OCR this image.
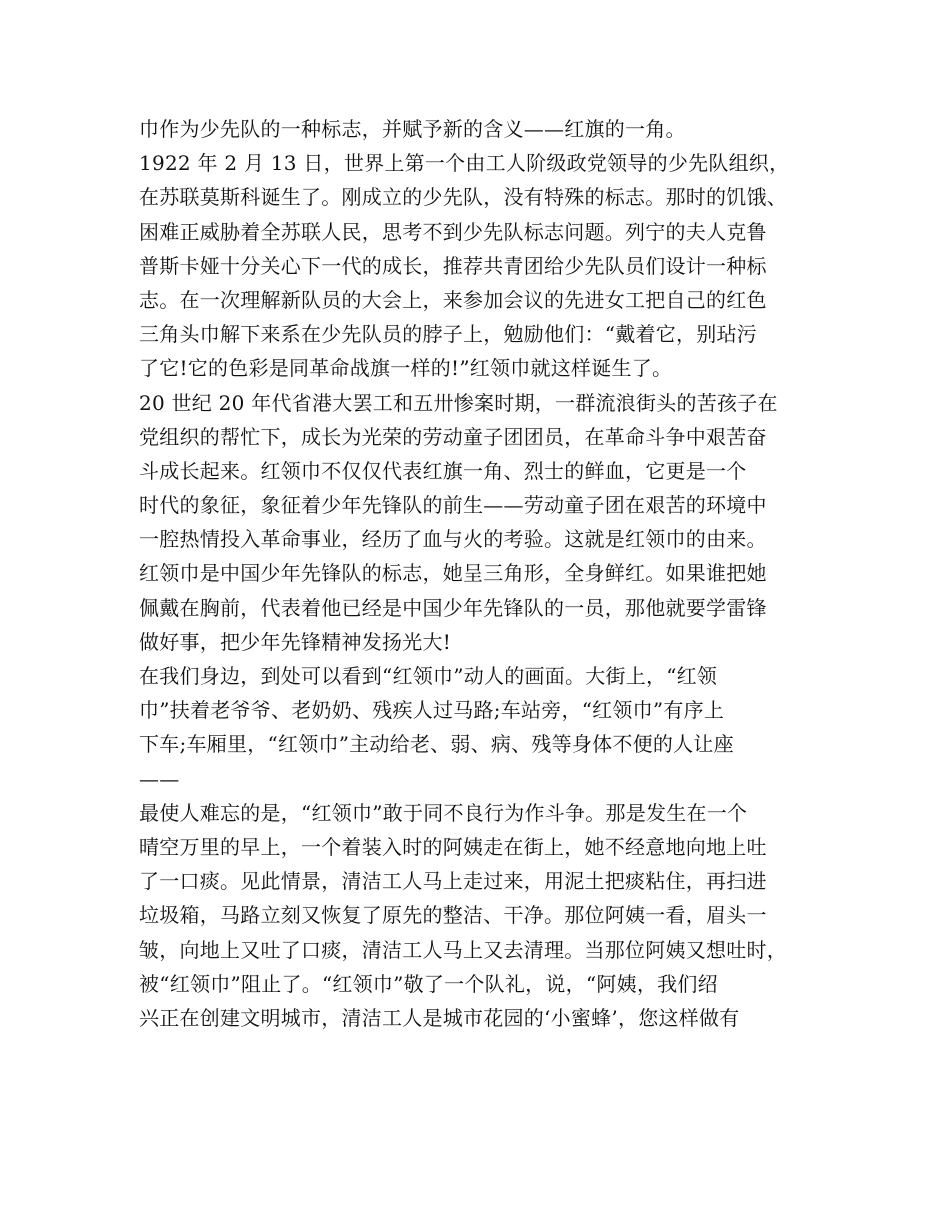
巾作为少先队的一种标志，并赋予新的含义——红旗的一角。
1922 年 2 月 13 日，世界上第一个由工人阶级政党领导的少先队组织，
在苏联莫斯科诞生了。刚成立的少先队，没有特殊的标志。那时的饥饿、
困难正威胁着全苏联人民，思考不到少先队标志问题。列宁的夫人克鲁
普斯卡娅十分关心下一代的成长，推荐共青团给少先队员们设计一种标
志。在一次理解新队员的大会上，来参加会议的先进女工把自己的红色
三角头巾解下来系在少先队员的脖子上，勉励他们：“戴着它，别玷污
了它!它的色彩是同革命战旗一样的!”红领巾就这样诞生了。
20 世纪 20 年代省港大罢工和五卅惨案时期，一群流浪街头的苦孩子在
党组织的帮忙下，成长为光荣的劳动童子团团员，在革命斗争中艰苦奋
斗成长起来。红领巾不仅仅代表红旗一角、烈士的鲜血，它更是一个
时代的象征，象征着少年先锋队的前生——劳动童子团在艰苦的环境中
一腔热情投入革命事业，经历了血与火的考验。这就是红领巾的由来。
红领巾是中国少年先锋队的标志，她呈三角形，全身鲜红。如果谁把她
佩戴在胸前，代表着他已经是中国少年先锋队的一员，那他就要学雷锋
做好事，把少年先锋精神发扬光大!
在我们身边，到处可以看到“红领巾”动人的画面。大街上，“红领
巾”扶着老爷爷、老奶奶、残疾人过马路;车站旁，“红领巾”有序上
下车;车厢里，“红领巾”主动给老、弱、病、残等身体不便的人让座
——
最使人难忘的是，“红领巾”敢于同不良行为作斗争。那是发生在一个
晴空万里的早上，一个着装入时的阿姨走在街上，她不经意地向地上吐
了一口痰。见此情景，清洁工人马上走过来，用泥土把痰粘住，再扫进
垃圾箱，马路立刻又恢复了原先的整洁、干净。那位阿姨一看，眉头一
皱，向地上又吐了口痰，清洁工人马上又去清理。当那位阿姨又想吐时，
被“红领巾”阻止了。“红领巾”敬了一个队礼，说，“阿姨，我们绍
兴正在创建文明城市，清洁工人是城市花园的‘小蜜蜂’，您这样做有
